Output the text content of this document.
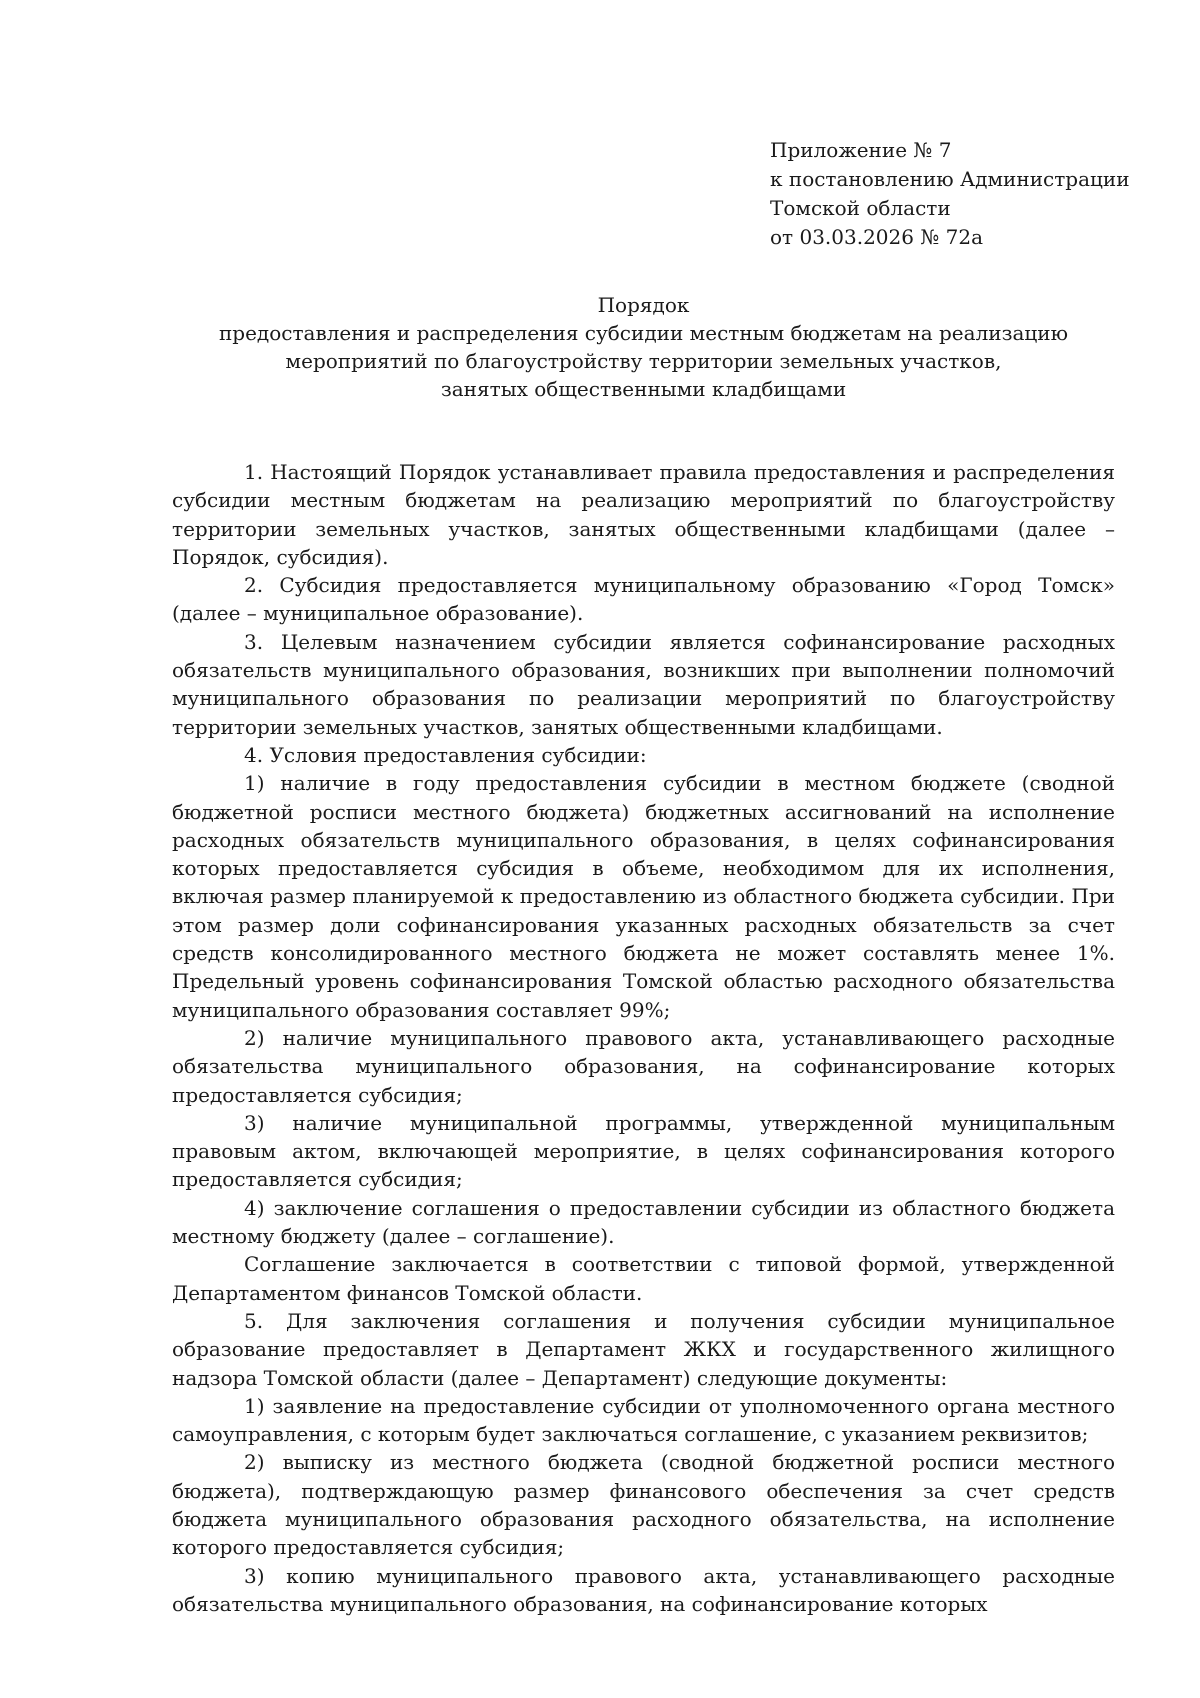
Приложение № 7
к постановлению Администрации
Томской области
от 03.03.2026 № 72а
Порядок
предоставления и распределения субсидии местным бюджетам на реализацию
мероприятий по благоустройству территории земельных участков,
занятых общественными кладбищами

1. Настоящий Порядок устанавливает правила предоставления и распределения субсидии местным бюджетам на реализацию мероприятий по благоустройству территории земельных участков, занятых общественными кладбищами (далее – Порядок, субсидия).

2. Субсидия предоставляется муниципальному образованию «Город Томск» (далее – муниципальное образование).

3. Целевым назначением субсидии является софинансирование расходных обязательств муниципального образования, возникших при выполнении полномочий муниципального образования по реализации мероприятий по благоустройству территории земельных участков, занятых общественными кладбищами.

4. Условия предоставления субсидии:

1) наличие в году предоставления субсидии в местном бюджете (сводной бюджетной росписи местного бюджета) бюджетных ассигнований на исполнение расходных обязательств муниципального образования, в целях софинансирования которых предоставляется субсидия в объеме, необходимом для их исполнения, включая размер планируемой к предоставлению из областного бюджета субсидии. При этом размер доли софинансирования указанных расходных обязательств за счет средств консолидированного местного бюджета не может составлять менее 1%. Предельный уровень софинансирования Томской областью расходного обязательства муниципального образования составляет 99%;

2) наличие муниципального правового акта, устанавливающего расходные обязательства муниципального образования, на софинансирование которых предоставляется субсидия;

3) наличие муниципальной программы, утвержденной муниципальным правовым актом, включающей мероприятие, в целях софинансирования которого предоставляется субсидия;

4) заключение соглашения о предоставлении субсидии из областного бюджета местному бюджету (далее – соглашение).

Соглашение заключается в соответствии с типовой формой, утвержденной Департаментом финансов Томской области.

5. Для заключения соглашения и получения субсидии муниципальное образование предоставляет в Департамент ЖКХ и государственного жилищного надзора Томской области (далее – Департамент) следующие документы:

1) заявление на предоставление субсидии от уполномоченного органа местного самоуправления, с которым будет заключаться соглашение, с указанием реквизитов;

2) выписку из местного бюджета (сводной бюджетной росписи местного бюджета), подтверждающую размер финансового обеспечения за счет средств бюджета муниципального образования расходного обязательства, на исполнение которого предоставляется субсидия;

3) копию муниципального правового акта, устанавливающего расходные обязательства муниципального образования, на софинансирование которых
